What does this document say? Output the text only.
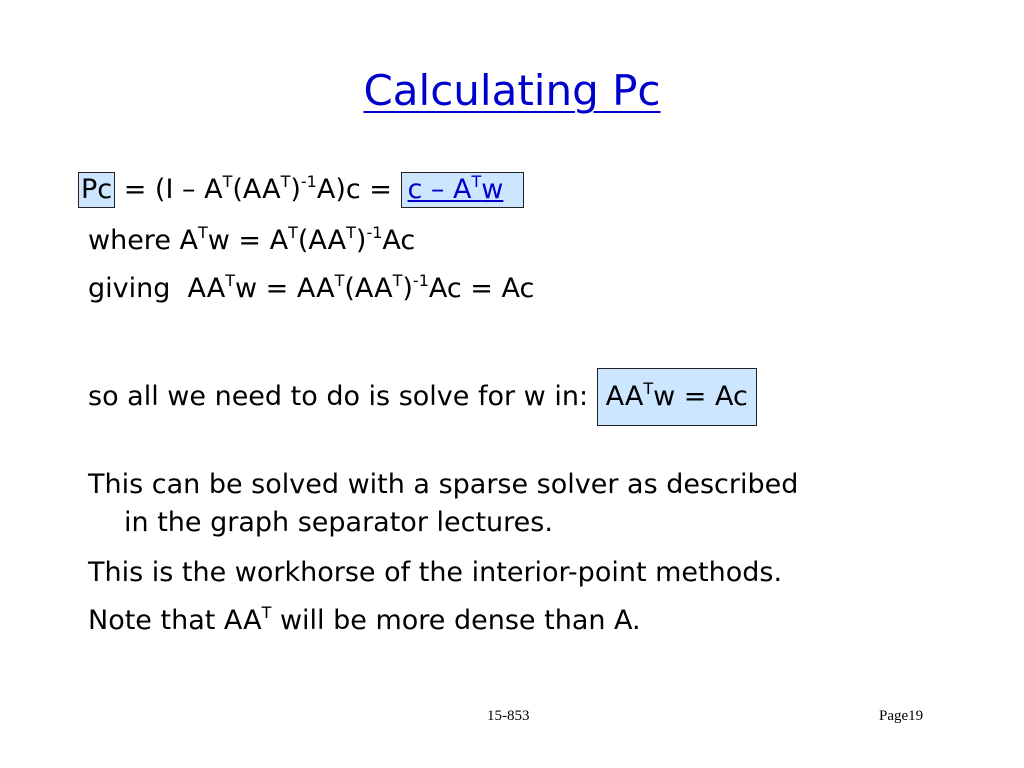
Calculating Pc
$Pc = (I - A^T(AA^T)^{-1}A)c = c - A^Tw$
where $A^Tw = A^T(AA^T)^{-1}Ac$
giving  $AA^Tw = AA^T(AA^T)^{-1}Ac = Ac$
so all we need to do is solve for w in: $AA^Tw = Ac$
This can be solved with a sparse solver as described
in the graph separator lectures.
This is the workhorse of the interior-point methods.
Note that $AA^T$ will be more dense than A.
15-853	Page19
